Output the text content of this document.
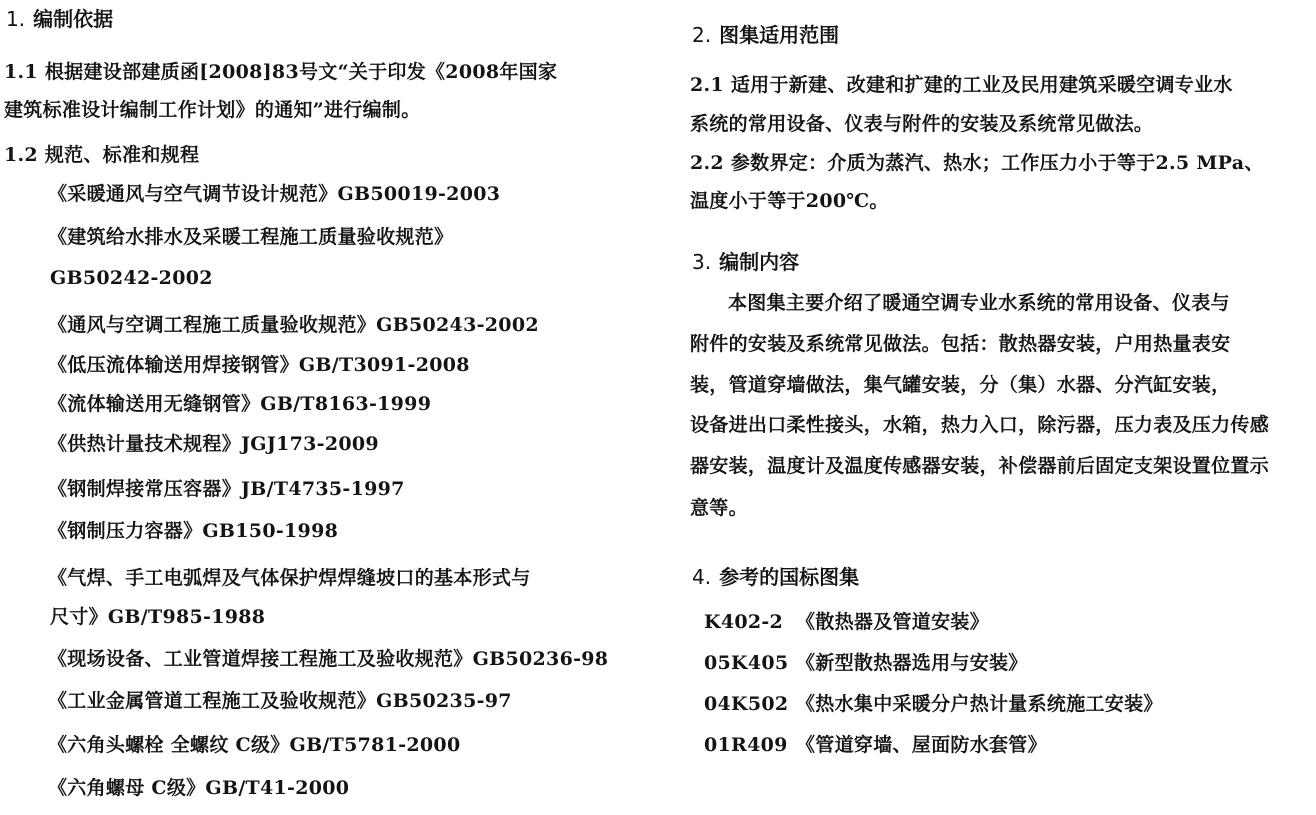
1. 编制依据
1.1 根据建设部建质函[2008]83号文“关于印发《2008年国家
建筑标准设计编制工作计划》的通知”进行编制。
1.2 规范、标准和规程
《采暖通风与空气调节设计规范》GB50019-2003
《建筑给水排水及采暖工程施工质量验收规范》
GB50242-2002
《通风与空调工程施工质量验收规范》GB50243-2002
《低压流体输送用焊接钢管》GB/T3091-2008
《流体输送用无缝钢管》GB/T8163-1999
《供热计量技术规程》JGJ173-2009
《钢制焊接常压容器》JB/T4735-1997
《钢制压力容器》GB150-1998
《气焊、手工电弧焊及气体保护焊焊缝坡口的基本形式与
尺寸》GB/T985-1988
《现场设备、工业管道焊接工程施工及验收规范》GB50236-98
《工业金属管道工程施工及验收规范》GB50235-97
《六角头螺栓 全螺纹 C级》GB/T5781-2000
《六角螺母 C级》GB/T41-2000
2. 图集适用范围
2.1 适用于新建、改建和扩建的工业及民用建筑采暖空调专业水
系统的常用设备、仪表与附件的安装及系统常见做法。
2.2 参数界定：介质为蒸汽、热水；工作压力小于等于2.5 MPa、
温度小于等于200℃。
3. 编制内容
本图集主要介绍了暖通空调专业水系统的常用设备、仪表与
附件的安装及系统常见做法。包括：散热器安装，户用热量表安
装，管道穿墙做法，集气罐安装，分（集）水器、分汽缸安装，
设备进出口柔性接头，水箱，热力入口，除污器，压力表及压力传感
器安装，温度计及温度传感器安装，补偿器前后固定支架设置位置示
意等。
4. 参考的国标图集
K402-2 《散热器及管道安装》
05K405 《新型散热器选用与安装》
04K502 《热水集中采暖分户热计量系统施工安装》
01R409 《管道穿墙、屋面防水套管》
